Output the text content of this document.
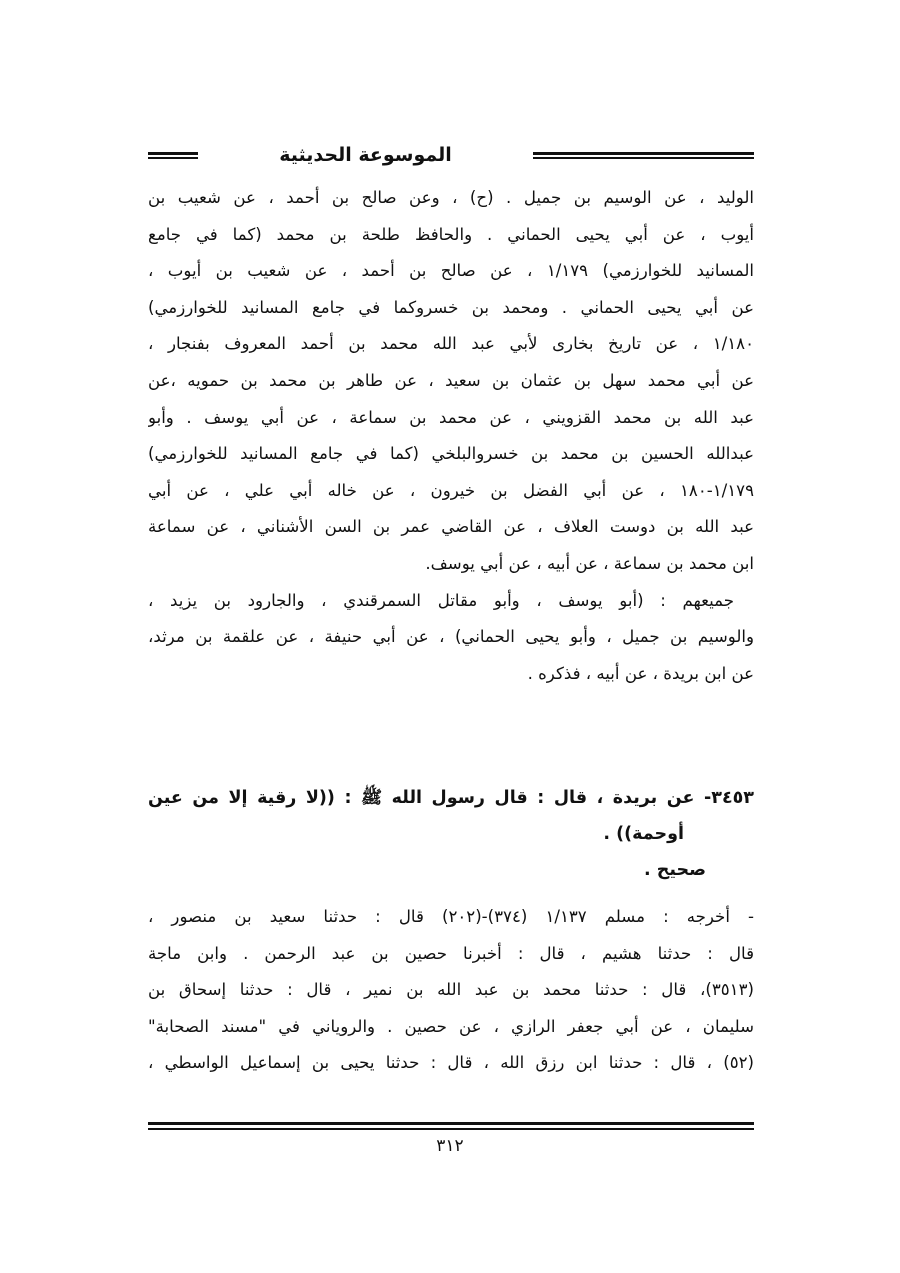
الموسوعة الحديثية
الوليد ، عن الوسيم بن جميل . (ح) ، وعن صالح بن أحمد ، عن شعيب بن
أيوب ، عن أبي يحيى الحماني . والحافظ طلحة بن محمد (كما في جامع
المسانيد للخوارزمي) ١/١٧٩ ، عن صالح بن أحمد ، عن شعيب بن أيوب ،
عن أبي يحيى الحماني . ومحمد بن خسروكما في جامع المسانيد للخوارزمي)
١/١٨٠ ، عن تاريخ بخارى لأبي عبد الله محمد بن أحمد المعروف بفنجار ،
عن أبي محمد سهل بن عثمان بن سعيد ، عن طاهر بن محمد بن حمويه ،عن
عبد الله بن محمد القزويني ، عن محمد بن سماعة ، عن أبي يوسف . وأبو
عبدالله الحسين بن محمد بن خسروالبلخي (كما في جامع المسانيد للخوارزمي)
١/١٧٩-١٨٠ ، عن أبي الفضل بن خيرون ، عن خاله أبي علي ، عن أبي
عبد الله بن دوست العلاف ، عن القاضي عمر بن السن الأشناني ، عن سماعة
ابن محمد بن سماعة ، عن أبيه ، عن أبي يوسف.
جميعهم : (أبو يوسف ، وأبو مقاتل السمرقندي ، والجارود بن يزيد ،
والوسيم بن جميل ، وأبو يحيى الحماني) ، عن أبي حنيفة ، عن علقمة بن مرثد،
عن ابن بريدة ، عن أبيه ، فذكره .
٣٤٥٣- عن بريدة ، قال : قال رسول الله ﷺ : ((لا رقية إلا من عين
أوحمة)) .
صحيح .
- أخرجه : مسلم ١/١٣٧ (٣٧٤)-(٢٠٢) قال : حدثنا سعيد بن منصور ،
قال : حدثنا هشيم ، قال : أخبرنا حصين بن عبد الرحمن . وابن ماجة
(٣٥١٣)، قال : حدثنا محمد بن عبد الله بن نمير ، قال : حدثنا إسحاق بن
سليمان ، عن أبي جعفر الرازي ، عن حصين . والروياني في "مسند الصحابة"
(٥٢) ، قال : حدثنا ابن رزق الله ، قال : حدثنا يحيى بن إسماعيل الواسطي ،
٣١٢
